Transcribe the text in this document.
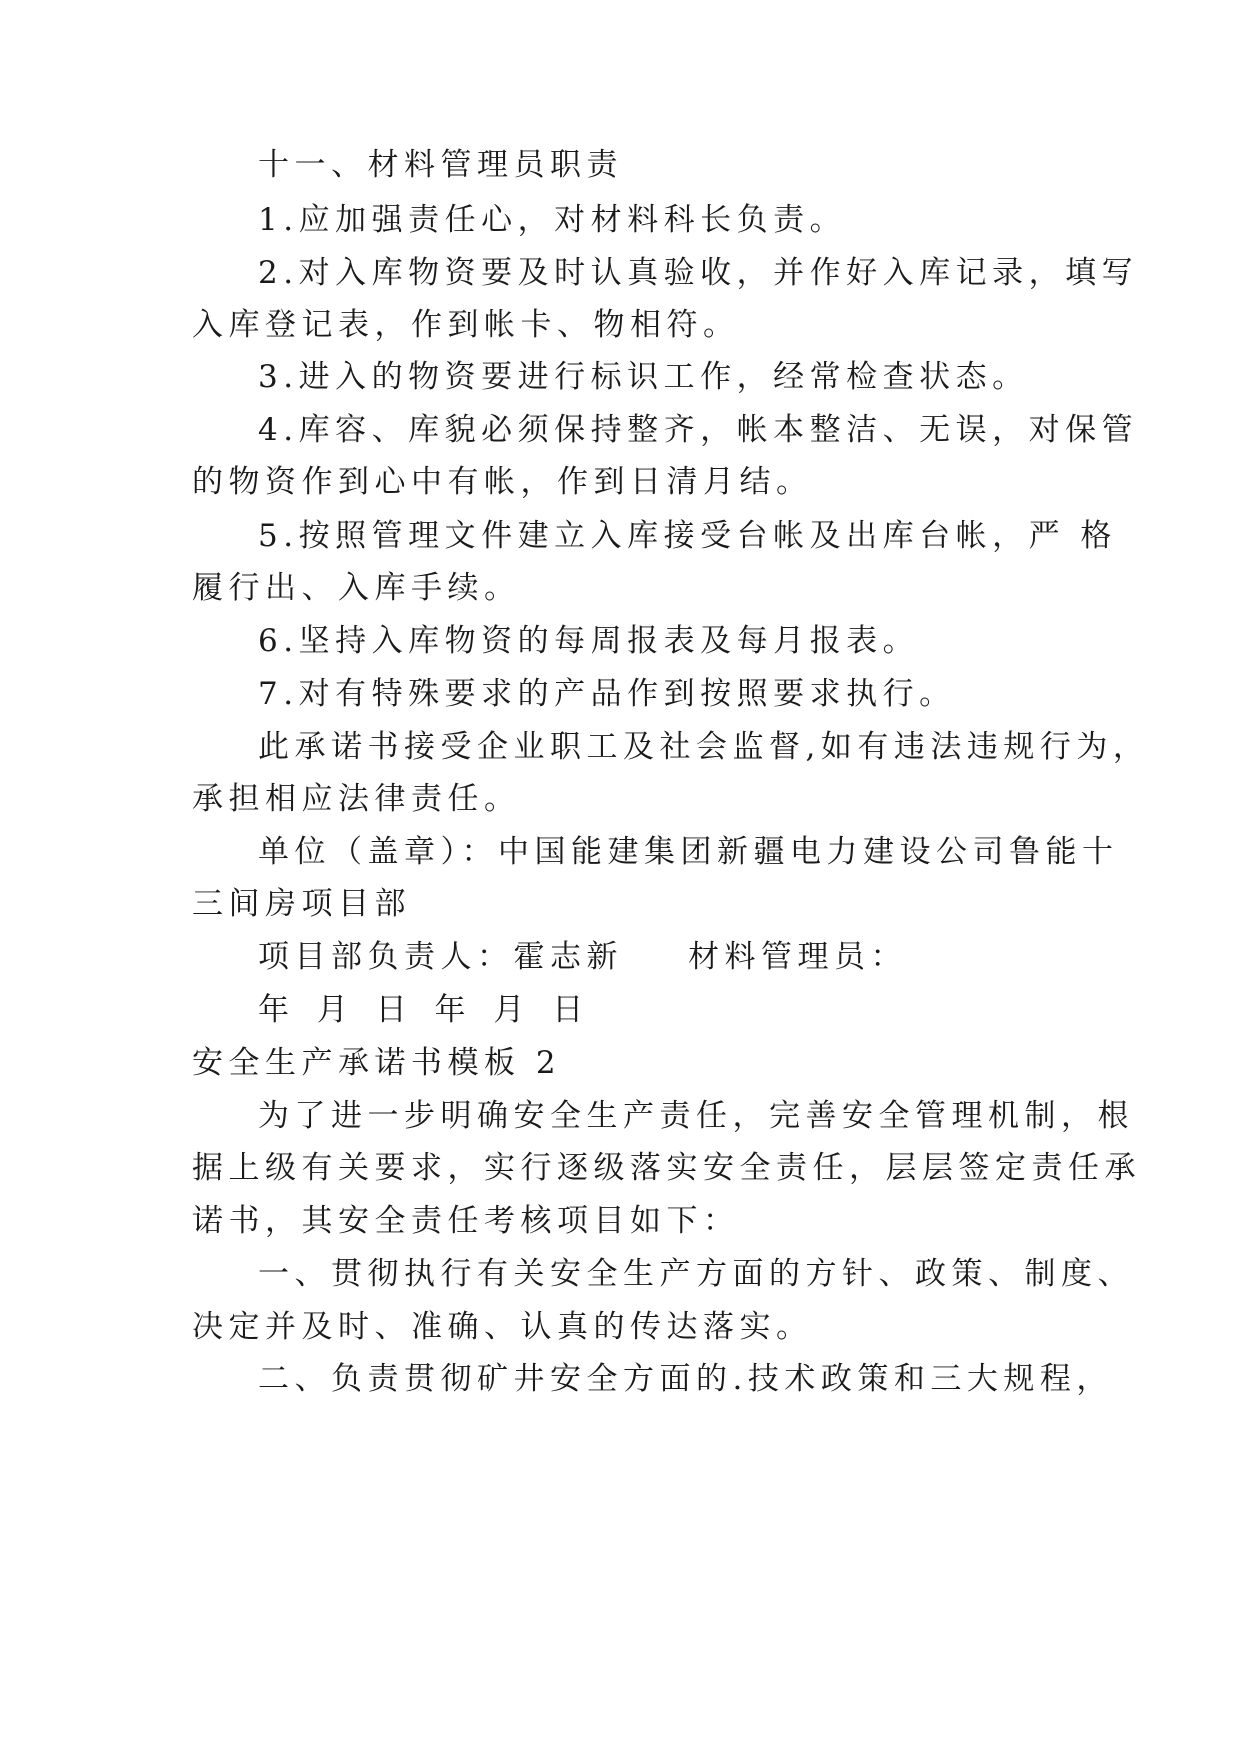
十一、材料管理员职责
1.应加强责任心，对材料科长负责。
2.对入库物资要及时认真验收，并作好入库记录，填写
入库登记表，作到帐卡、物相符。
3.进入的物资要进行标识工作，经常检查状态。
4.库容、库貌必须保持整齐，帐本整洁、无误，对保管
的物资作到心中有帐，作到日清月结。
5.按照管理文件建立入库接受台帐及出库台帐，严 格
履行出、入库手续。
6.坚持入库物资的每周报表及每月报表。
7.对有特殊要求的产品作到按照要求执行。
此承诺书接受企业职工及社会监督,如有违法违规行为，
承担相应法律责任。
单位（盖章）：中国能建集团新疆电力建设公司鲁能十
三间房项目部
项目部负责人：霍志新 材料管理员：
年 月 日 年 月 日
安全生产承诺书模板 2
为了进一步明确安全生产责任，完善安全管理机制，根
据上级有关要求，实行逐级落实安全责任，层层签定责任承
诺书，其安全责任考核项目如下：
一、贯彻执行有关安全生产方面的方针、政策、制度、
决定并及时、准确、认真的传达落实。
二、负责贯彻矿井安全方面的.技术政策和三大规程，
